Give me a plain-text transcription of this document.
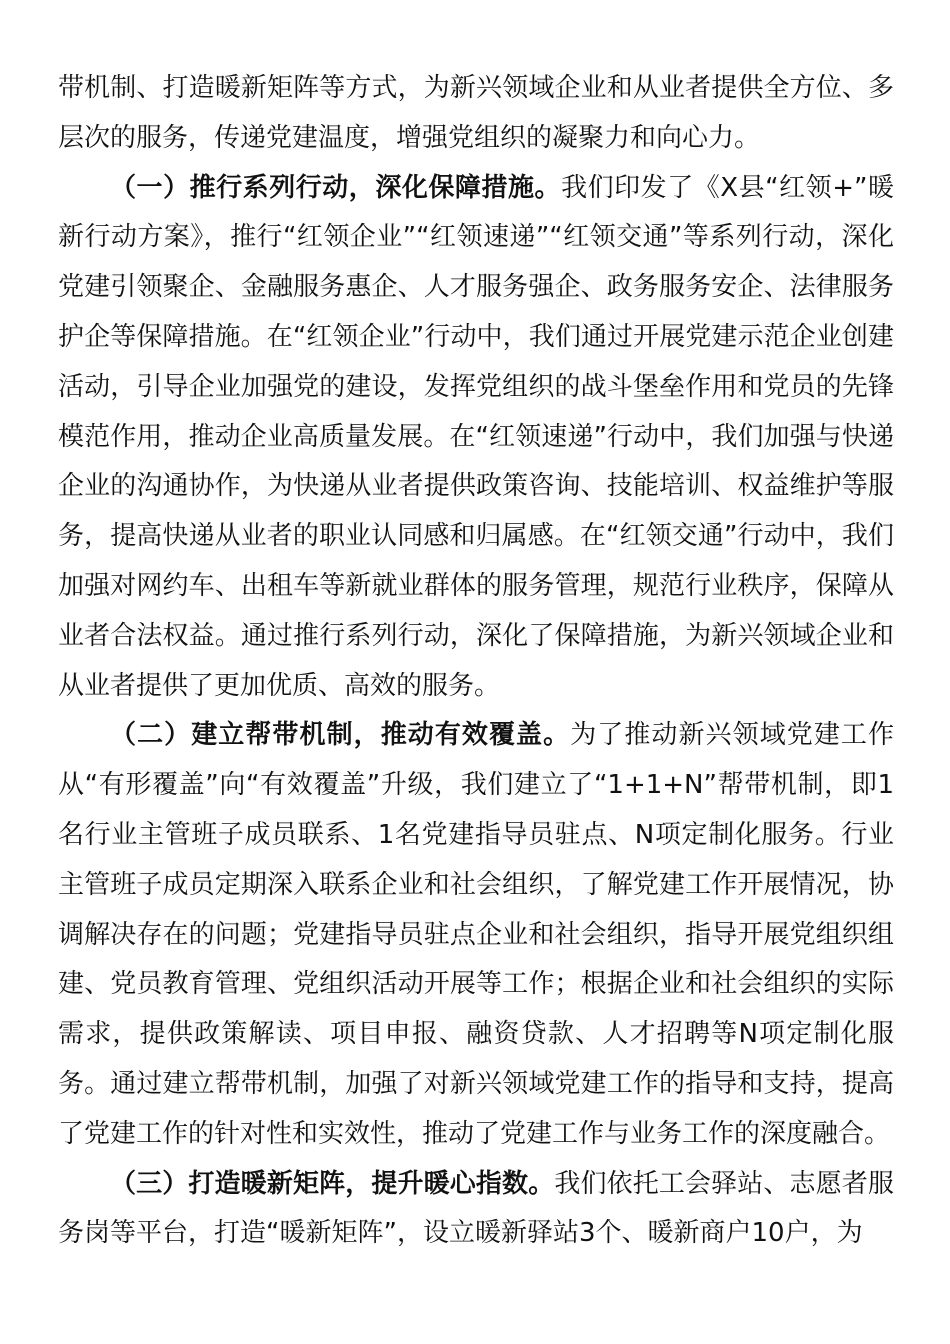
带机制、打造暖新矩阵等方式，为新兴领域企业和从业者提供全方位、多层次的服务，传递党建温度，增强党组织的凝聚力和向心力。

（一）推行系列行动，深化保障措施。我们印发了《X县“红领+”暖新行动方案》，推行“红领企业”“红领速递”“红领交通”等系列行动，深化党建引领聚企、金融服务惠企、人才服务强企、政务服务安企、法律服务护企等保障措施。在“红领企业”行动中，我们通过开展党建示范企业创建活动，引导企业加强党的建设，发挥党组织的战斗堡垒作用和党员的先锋模范作用，推动企业高质量发展。在“红领速递”行动中，我们加强与快递企业的沟通协作，为快递从业者提供政策咨询、技能培训、权益维护等服务，提高快递从业者的职业认同感和归属感。在“红领交通”行动中，我们加强对网约车、出租车等新就业群体的服务管理，规范行业秩序，保障从业者合法权益。通过推行系列行动，深化了保障措施，为新兴领域企业和从业者提供了更加优质、高效的服务。

（二）建立帮带机制，推动有效覆盖。为了推动新兴领域党建工作从“有形覆盖”向“有效覆盖”升级，我们建立了“1+1+N”帮带机制，即1名行业主管班子成员联系、1名党建指导员驻点、N项定制化服务。行业主管班子成员定期深入联系企业和社会组织，了解党建工作开展情况，协调解决存在的问题；党建指导员驻点企业和社会组织，指导开展党组织组建、党员教育管理、党组织活动开展等工作；根据企业和社会组织的实际需求，提供政策解读、项目申报、融资贷款、人才招聘等N项定制化服务。通过建立帮带机制，加强了对新兴领域党建工作的指导和支持，提高了党建工作的针对性和实效性，推动了党建工作与业务工作的深度融合。

（三）打造暖新矩阵，提升暖心指数。我们依托工会驿站、志愿者服务岗等平台，打造“暖新矩阵”，设立暖新驿站3个、暖新商户10户，为
